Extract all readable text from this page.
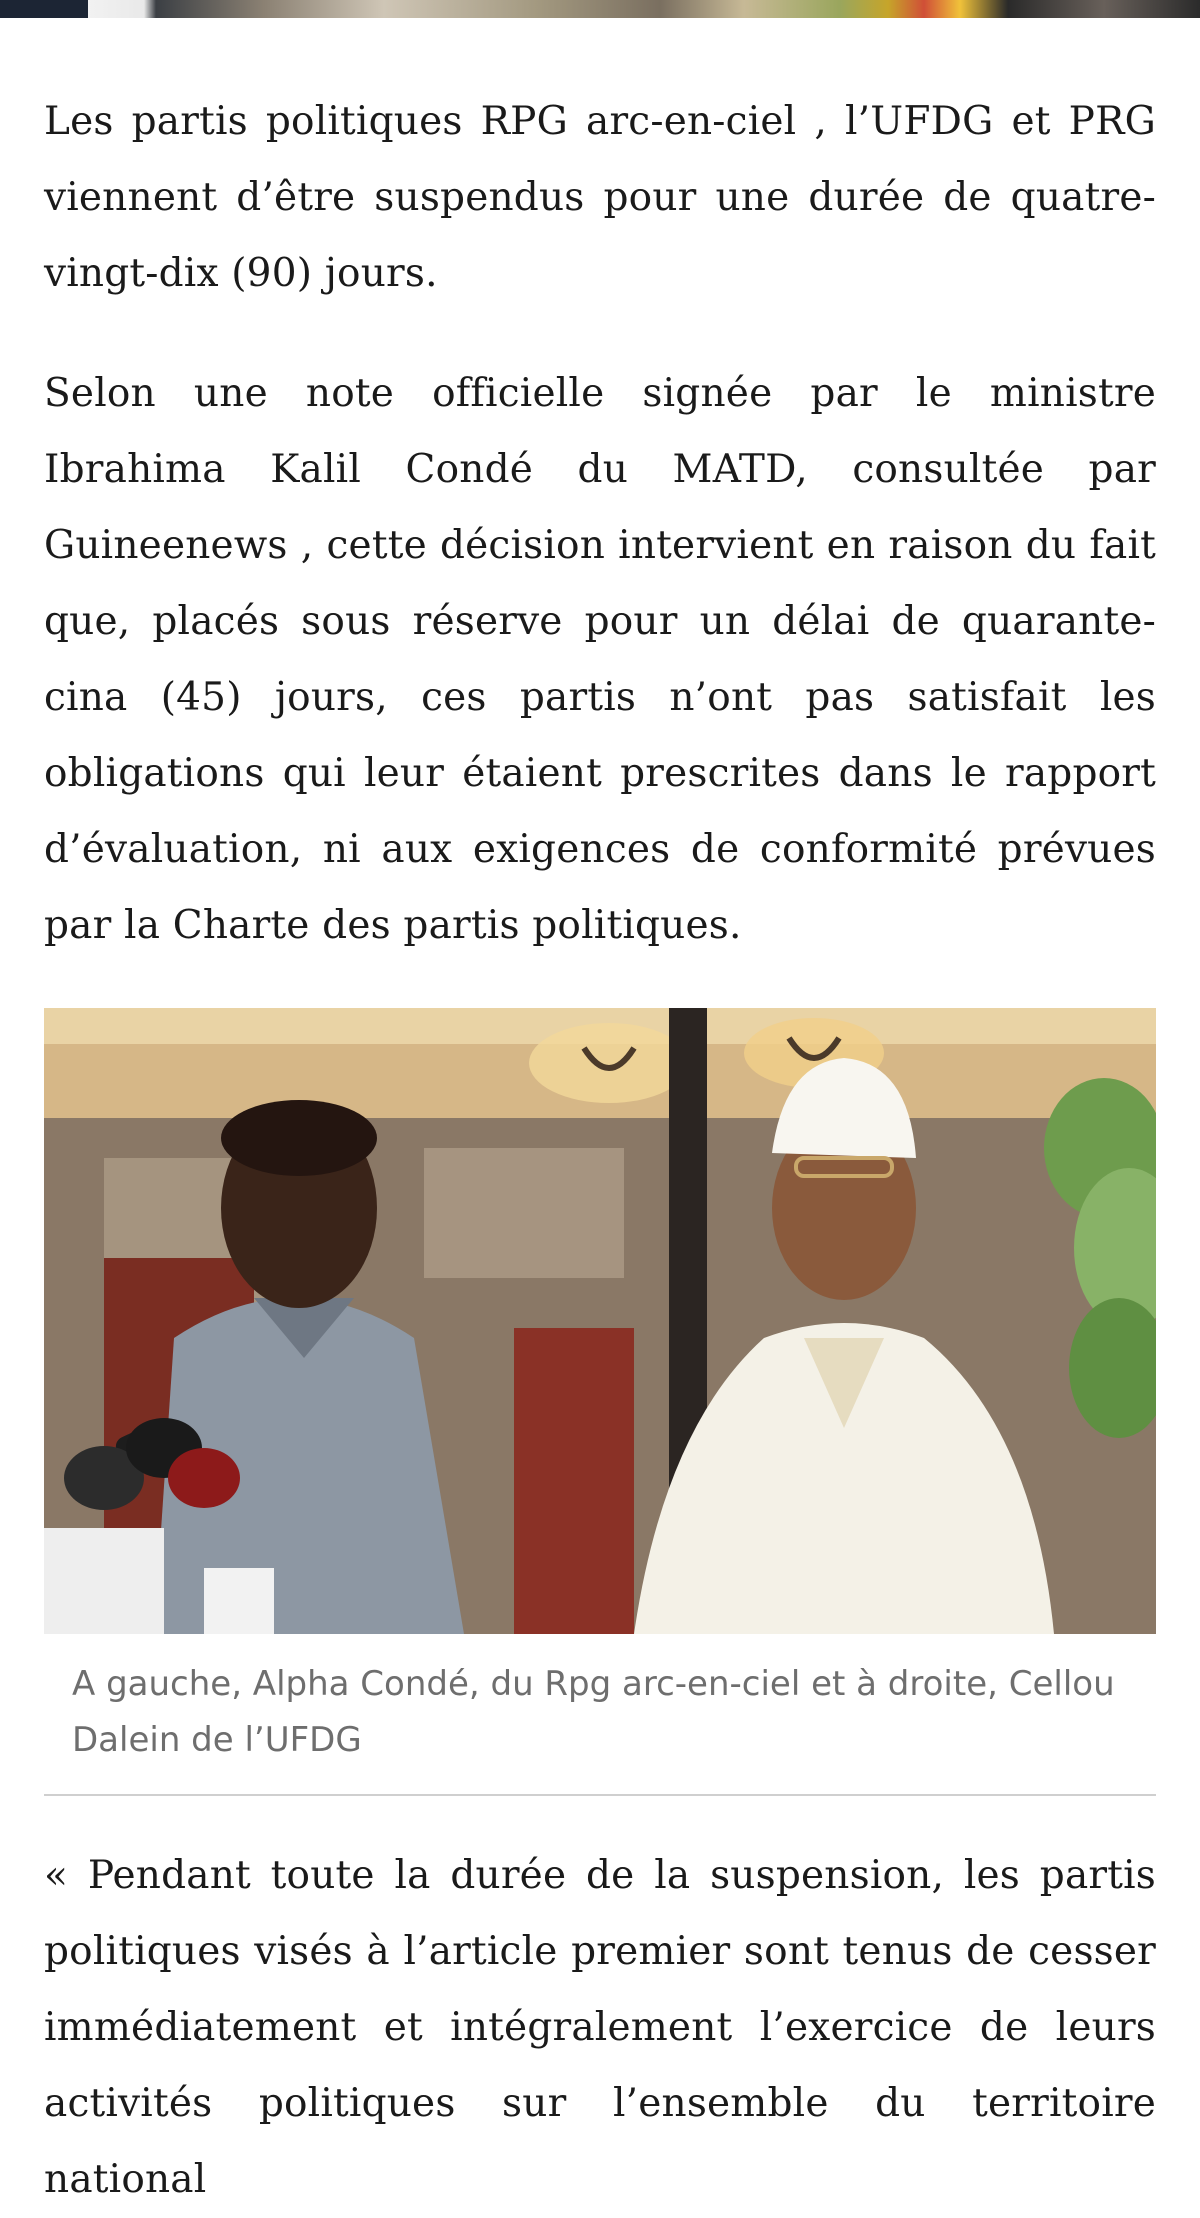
Les partis politiques RPG arc-en-ciel , l’UFDG et PRG viennent d’être suspendus pour une durée de quatre-vingt-dix (90) jours.

Selon une note officielle signée par le ministre Ibrahima Kalil Condé du MATD, consultée par Guineenews , cette décision intervient en raison du fait que, placés sous réserve pour un délai de quarante-cina (45) jours, ces partis n’ont pas satisfait les obligations qui leur étaient prescrites dans le rapport d’évaluation, ni aux exigences de conformité prévues par la Charte des partis politiques.

A gauche, Alpha Condé, du Rpg arc-en-ciel et à droite, Cellou Dalein de l’UFDG

« Pendant toute la durée de la suspension, les partis politiques visés à l’article premier sont tenus de cesser immédiatement et intégralement l’exercice de leurs activités politiques sur l’ensemble du territoire national
